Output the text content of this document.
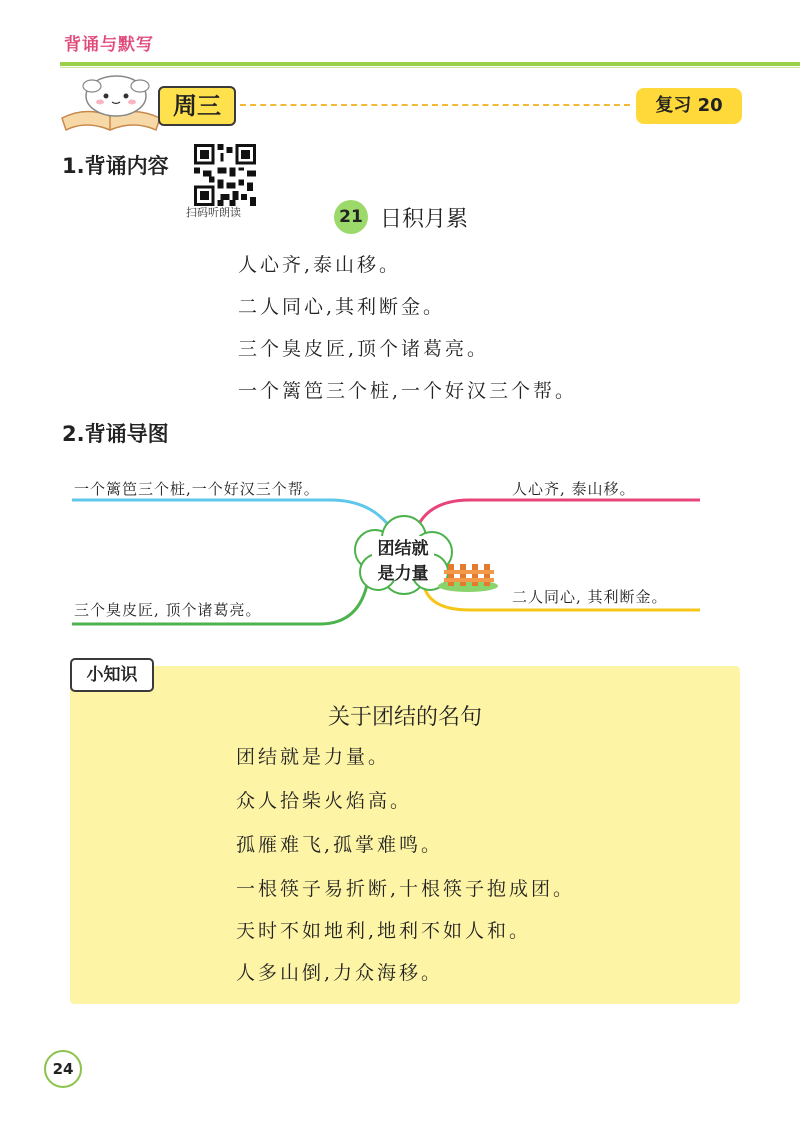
背诵与默写
周三	复习 20
1.背诵内容
扫码听朗读	21 日积月累
人心齐,泰山移。
二人同心,其利断金。
三个臭皮匠,顶个诸葛亮。
一个篱笆三个桩,一个好汉三个帮。
2.背诵导图
一个篱笆三个桩,一个好汉三个帮。	人心齐, 泰山移。
三个臭皮匠, 顶个诸葛亮。
二人同心, 其利断金。
团结就
是力量
小知识
关于团结的名句
团结就是力量。
众人拾柴火焰高。
孤雁难飞,孤掌难鸣。
一根筷子易折断,十根筷子抱成团。
天时不如地利,地利不如人和。
人多山倒,力众海移。
24
